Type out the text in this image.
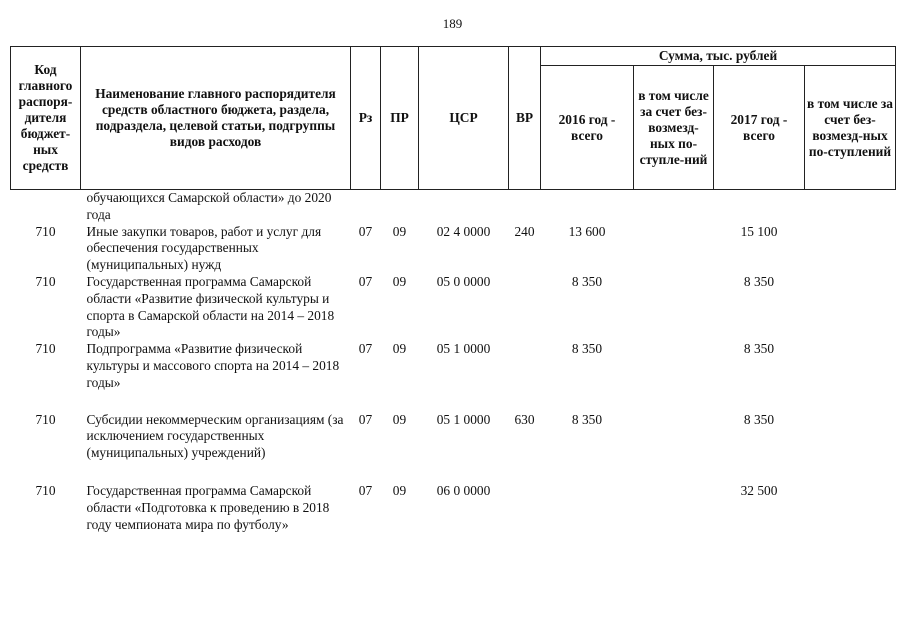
189
Код главного распоря-дителя бюджет-ных средств	Наименование главного распорядителя средств областного бюджета, раздела, подраздела, целевой статьи, подгруппы видов расходов	Рз	ПР	ЦСР	ВР	Сумма, тыс. рублей			
						2016 год - всего	в том числе за счет без-возмезд-ных по-ступле-ний	2017 год - всего	в том числе за счет без-возмезд-ных по-ступлений
	обучающихся Самарской области» до 2020 года								
710	Иные закупки товаров, работ и услуг для обеспечения государственных (муниципальных) нужд	07	09	02 4 0000	240	13 600		15 100	
710	Государственная программа Самарской области «Развитие физической культуры и спорта в Самарской области на 2014 – 2018 годы»	07	09	05 0 0000		8 350		8 350	
710	Подпрограмма «Развитие физической культуры и массового спорта на 2014 – 2018 годы»	07	09	05 1 0000		8 350		8 350	
710	Субсидии некоммерческим организациям (за исключением государственных (муниципальных) учреждений)	07	09	05 1 0000	630	8 350		8 350	
710	Государственная программа Самарской области «Подготовка к проведению в 2018 году чемпионата мира по футболу»	07	09	06 0 0000				32 500	
